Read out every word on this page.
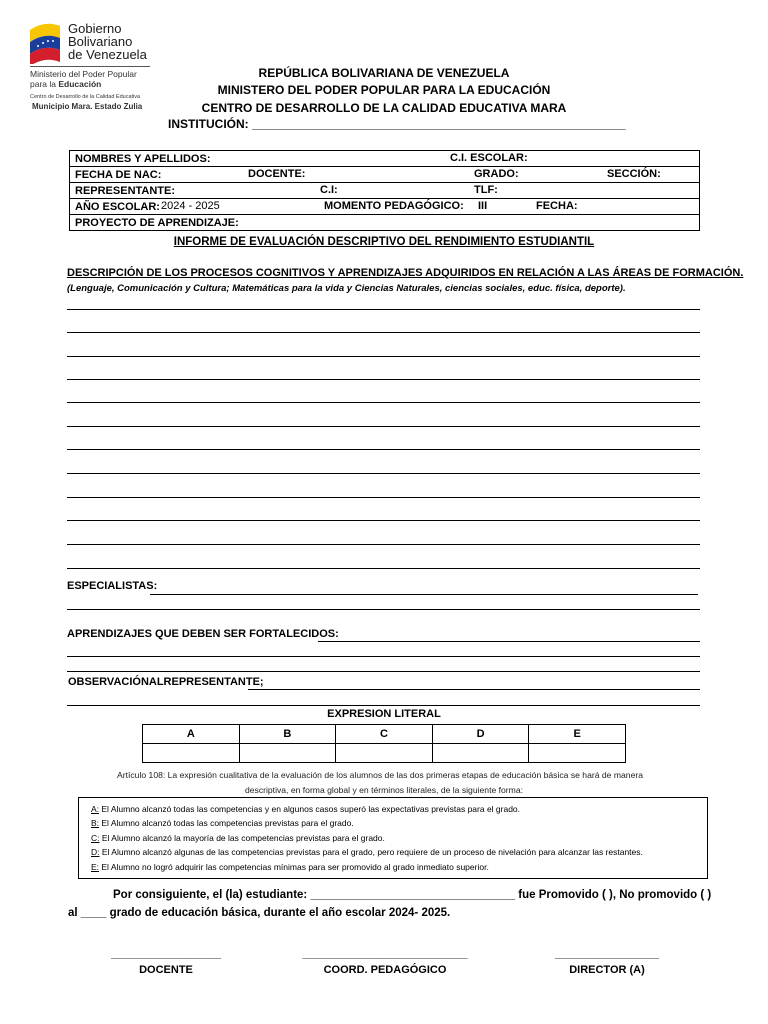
Gobierno
Bolivariano
de Venezuela
Ministerio del Poder Popular
para la Educación
Centro de Desarrollo de la Calidad Educativa
Municipio Mara. Estado Zulia
REPÚBLICA BOLIVARIANA DE VENEZUELA
MINISTERO DEL PODER POPULAR PARA LA EDUCACIÓN
CENTRO DE DESARROLLO DE LA CALIDAD EDUCATIVA MARA
INSTITUCIÓN: ________________________________________________________
NOMBRES Y APELLIDOS:	C.I. ESCOLAR:

FECHA DE NAC:	DOCENTE:	GRADO:	SECCIÓN:

REPRESENTANTE:	C.I:	TLF:

AÑO ESCOLAR: 2024 - 2025	MOMENTO PEDAGÓGICO: III	FECHA:

PROYECTO DE APRENDIZAJE:
INFORME DE EVALUACIÓN DESCRIPTIVO DEL RENDIMIENTO ESTUDIANTIL
DESCRIPCIÓN DE LOS PROCESOS COGNITIVOS Y APRENDIZAJES ADQUIRIDOS EN RELACIÓN A LAS ÁREAS DE FORMACIÓN.
(Lenguaje, Comunicación y Cultura; Matemáticas para la vida y Ciencias Naturales, ciencias sociales, educ. física, deporte).
ESPECIALISTAS:
APRENDIZAJES QUE DEBEN SER FORTALECIDOS:
OBSERVACIÓNALREPRESENTANTE;
EXPRESION LITERAL
A	B	C	D	E

Artículo 108: La expresión cualitativa de la evaluación de los alumnos de las dos primeras etapas de educación básica se hará de manera
descriptiva, en forma global y en términos literales, de la siguiente forma:
A: El Alumno alcanzó todas las competencias y en algunos casos superó las expectativas previstas para el grado.
B: El Alumno alcanzó todas las competencias previstas para el grado.
C: El Alumno alcanzó la mayoría de las competencias previstas para el grado.
D: El Alumno alcanzó algunas de las competencias previstas para el grado, pero requiere de un proceso de nivelación para alcanzar las restantes.
E: El Alumno no logró adquirir las competencias mínimas para ser promovido al grado inmediato superior.
Por consiguiente, el (la) estudiante: ________________________________ fue Promovido ( ), No promovido ( )
al ____ grado de educación básica, durante el año escolar 2024- 2025.
__________________
DOCENTE
___________________________
COORD. PEDAGÓGICO
_________________
DIRECTOR (A)
